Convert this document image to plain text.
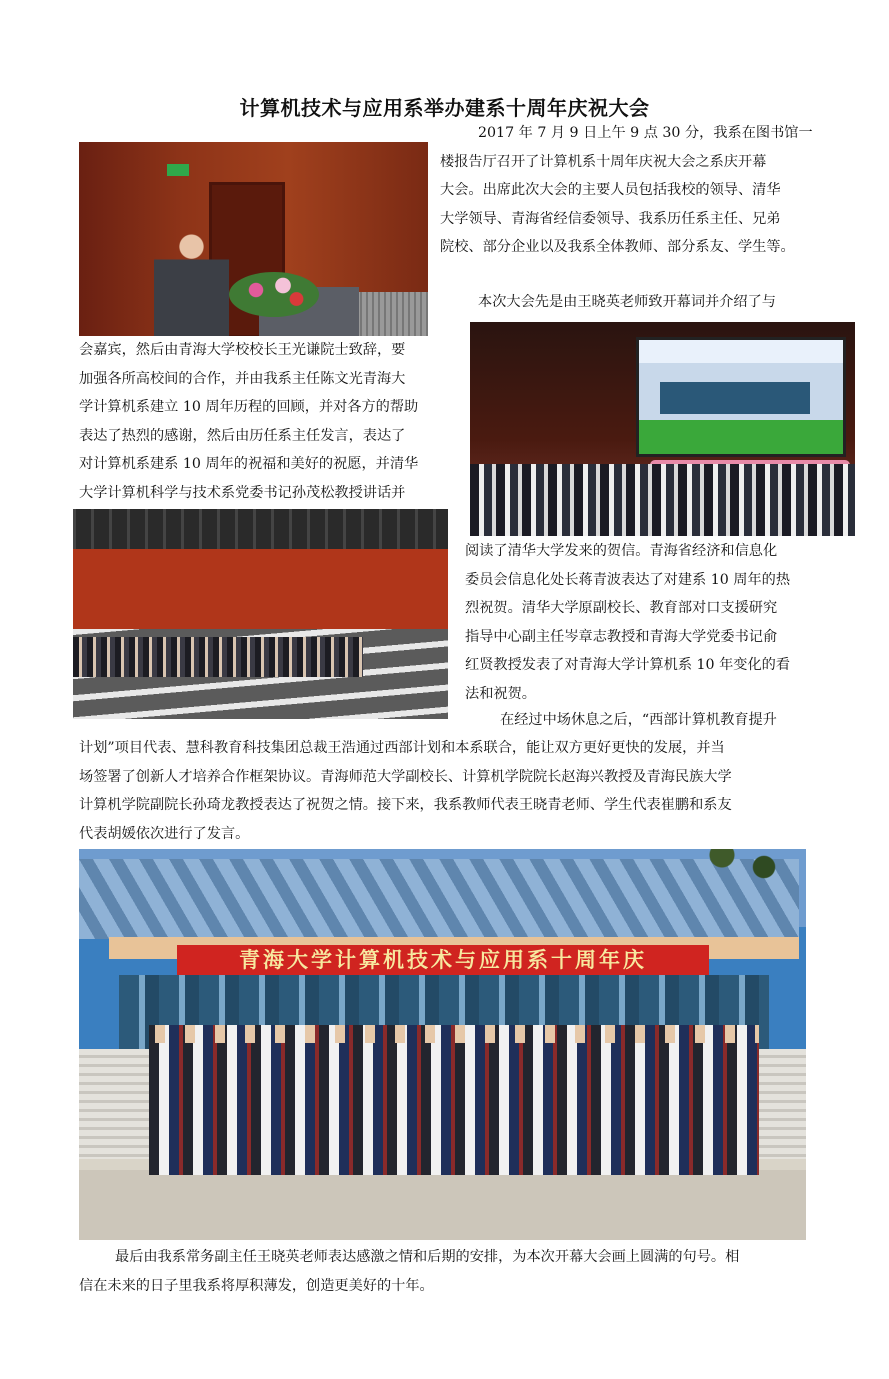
计算机技术与应用系举办建系十周年庆祝大会
2017 年 7 月 9 日上午 9 点 30 分，我系在图书馆一
楼报告厅召开了计算机系十周年庆祝大会之系庆开幕
大会。出席此次大会的主要人员包括我校的领导、清华
大学领导、青海省经信委领导、我系历任系主任、兄弟
院校、部分企业以及我系全体教师、部分系友、学生等。
本次大会先是由王晓英老师致开幕词并介绍了与
会嘉宾，然后由青海大学校校长王光谦院士致辞，要
加强各所高校间的合作，并由我系主任陈文光青海大
学计算机系建立 10 周年历程的回顾，并对各方的帮助
表达了热烈的感谢，然后由历任系主任发言，表达了
对计算机系建系 10 周年的祝福和美好的祝愿，并清华
大学计算机科学与技术系党委书记孙茂松教授讲话并
阅读了清华大学发来的贺信。青海省经济和信息化
委员会信息化处长蒋青波表达了对建系 10 周年的热
烈祝贺。清华大学原副校长、教育部对口支援研究
指导中心副主任岑章志教授和青海大学党委书记俞
红贤教授发表了对青海大学计算机系 10 年变化的看
法和祝贺。
在经过中场休息之后，“西部计算机教育提升
计划”项目代表、慧科教育科技集团总裁王浩通过西部计划和本系联合，能让双方更好更快的发展，并当
场签署了创新人才培养合作框架协议。青海师范大学副校长、计算机学院院长赵海兴教授及青海民族大学
计算机学院副院长孙琦龙教授表达了祝贺之情。接下来，我系教师代表王晓青老师、学生代表崔鹏和系友
代表胡媛依次进行了发言。
青海大学计算机技术与应用系十周年庆
最后由我系常务副主任王晓英老师表达感激之情和后期的安排，为本次开幕大会画上圆满的句号。相
信在未来的日子里我系将厚积薄发，创造更美好的十年。
